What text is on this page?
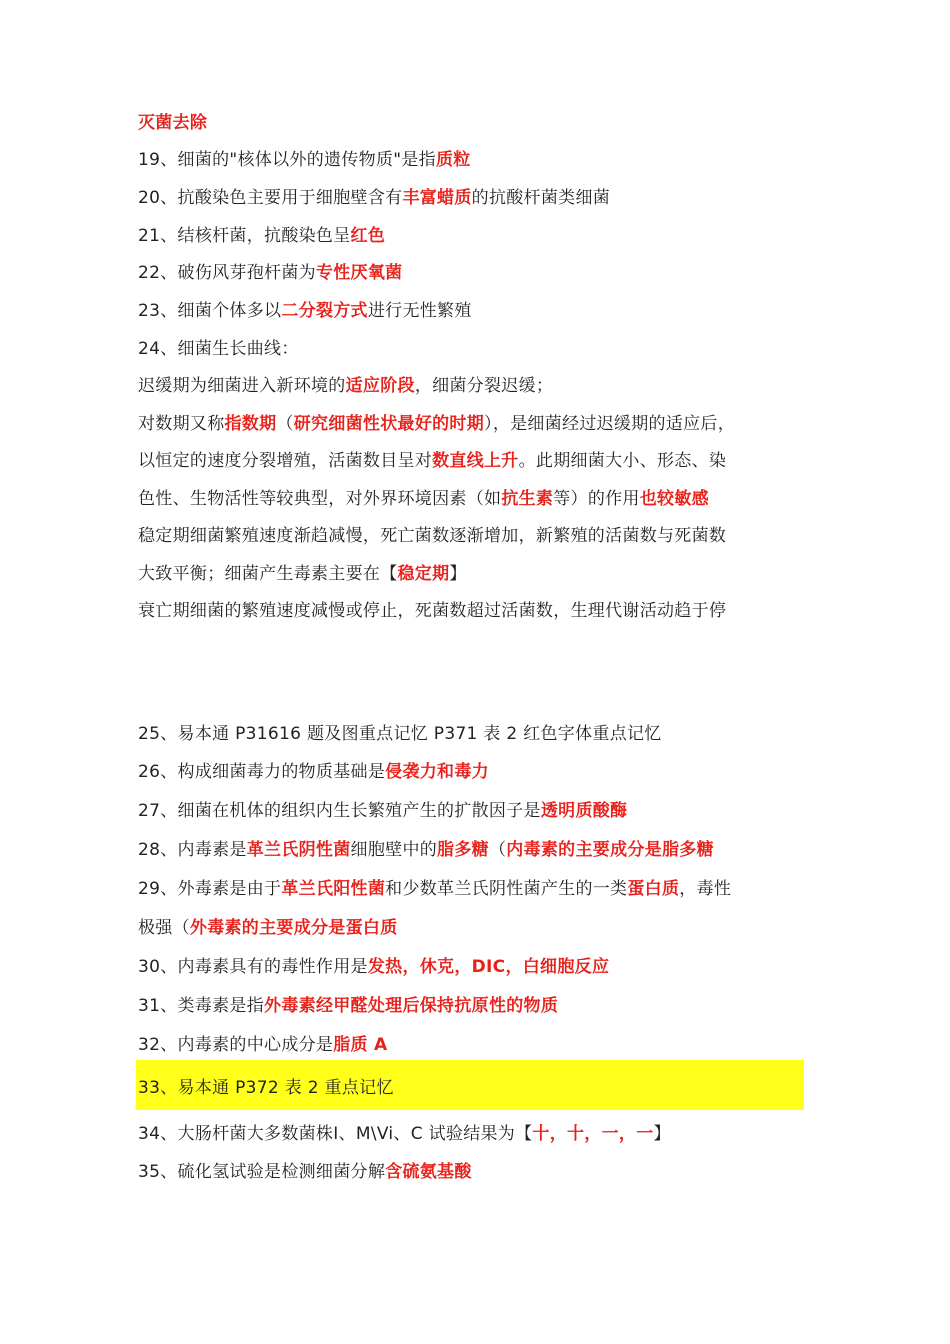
灭菌去除
19、细菌的"核体以外的遗传物质"是指质粒
20、抗酸染色主要用于细胞壁含有丰富蜡质的抗酸杆菌类细菌
21、结核杆菌，抗酸染色呈红色
22、破伤风芽孢杆菌为专性厌氧菌
23、细菌个体多以二分裂方式进行无性繁殖
24、细菌生长曲线：
迟缓期为细菌进入新环境的适应阶段，细菌分裂迟缓；
对数期又称指数期（研究细菌性状最好的时期），是细菌经过迟缓期的适应后，
以恒定的速度分裂增殖，活菌数目呈对数直线上升。此期细菌大小、形态、染
色性、生物活性等较典型，对外界环境因素（如抗生素等）的作用也较敏感
稳定期细菌繁殖速度渐趋减慢，死亡菌数逐渐增加，新繁殖的活菌数与死菌数
大致平衡；细菌产生毒素主要在【稳定期】
衰亡期细菌的繁殖速度减慢或停止，死菌数超过活菌数，生理代谢活动趋于停
25、易本通 P31616 题及图重点记忆 P371 表 2 红色字体重点记忆
26、构成细菌毒力的物质基础是侵袭力和毒力
27、细菌在机体的组织内生长繁殖产生的扩散因子是透明质酸酶
28、内毒素是革兰氏阴性菌细胞壁中的脂多糖（内毒素的主要成分是脂多糖
29、外毒素是由于革兰氏阳性菌和少数革兰氏阴性菌产生的一类蛋白质，毒性
极强（外毒素的主要成分是蛋白质
30、内毒素具有的毒性作用是发热，休克，DIC，白细胞反应
31、类毒素是指外毒素经甲醛处理后保持抗原性的物质
32、内毒素的中心成分是脂质 A
33、易本通 P372 表 2 重点记忆
34、大肠杆菌大多数菌株Ⅰ、M\Vi、C 试验结果为【十，十，一，一】
35、硫化氢试验是检测细菌分解含硫氨基酸
